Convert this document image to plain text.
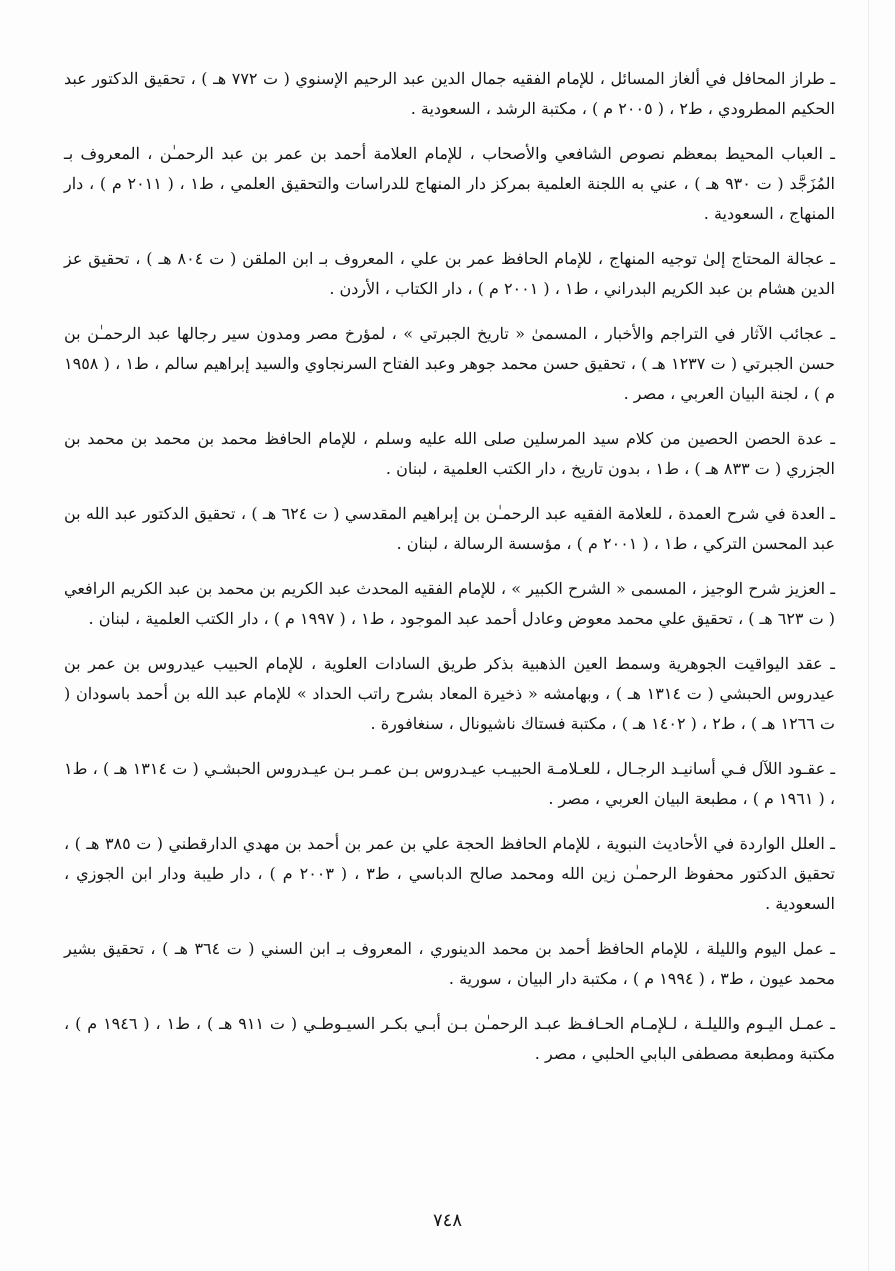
ـ طراز المحافل في ألغاز المسائل ، للإمام الفقيه جمال الدين عبد الرحيم الإسنوي ( ت ٧٧٢ هـ ) ، تحقيق الدكتور عبد الحكيم المطرودي ، ط٢ ، ( ٢٠٠٥ م ) ، مكتبة الرشد ، السعودية .
ـ العباب المحيط بمعظم نصوص الشافعي والأصحاب ، للإمام العلامة أحمد بن عمر بن عبد الرحمـٰن ، المعروف بـ المُزَجَّد ( ت ٩٣٠ هـ ) ، عني به اللجنة العلمية بمركز دار المنهاج للدراسات والتحقيق العلمي ، ط١ ، ( ٢٠١١ م ) ، دار المنهاج ، السعودية .
ـ عجالة المحتاج إلىٰ توجيه المنهاج ، للإمام الحافظ عمر بن علي ، المعروف بـ ابن الملقن ( ت ٨٠٤ هـ ) ، تحقيق عز الدين هشام بن عبد الكريم البدراني ، ط١ ، ( ٢٠٠١ م ) ، دار الكتاب ، الأردن .
ـ عجائب الآثار في التراجم والأخبار ، المسمىٰ « تاريخ الجبرتي » ، لمؤرخ مصر ومدون سير رجالها عبد الرحمـٰن بن حسن الجبرتي ( ت ١٢٣٧ هـ ) ، تحقيق حسن محمد جوهر وعبد الفتاح السرنجاوي والسيد إبراهيم سالم ، ط١ ، ( ١٩٥٨ م ) ، لجنة البيان العربي ، مصر .
ـ عدة الحصن الحصين من كلام سيد المرسلين صلى الله عليه وسلم ، للإمام الحافظ محمد بن محمد بن محمد بن الجزري ( ت ٨٣٣ هـ ) ، ط١ ، بدون تاريخ ، دار الكتب العلمية ، لبنان .
ـ العدة في شرح العمدة ، للعلامة الفقيه عبد الرحمـٰن بن إبراهيم المقدسي ( ت ٦٢٤ هـ ) ، تحقيق الدكتور عبد الله بن عبد المحسن التركي ، ط١ ، ( ٢٠٠١ م ) ، مؤسسة الرسالة ، لبنان .
ـ العزيز شرح الوجيز ، المسمى « الشرح الكبير » ، للإمام الفقيه المحدث عبد الكريم بن محمد بن عبد الكريم الرافعي ( ت ٦٢٣ هـ ) ، تحقيق علي محمد معوض وعادل أحمد عبد الموجود ، ط١ ، ( ١٩٩٧ م ) ، دار الكتب العلمية ، لبنان .
ـ عقد اليواقيت الجوهرية وسمط العين الذهبية بذكر طريق السادات العلوية ، للإمام الحبيب عيدروس بن عمر بن عيدروس الحبشي ( ت ١٣١٤ هـ ) ، وبهامشه « ذخيرة المعاد بشرح راتب الحداد » للإمام عبد الله بن أحمد باسودان ( ت ١٢٦٦ هـ ) ، ط٢ ، ( ١٤٠٢ هـ ) ، مكتبة فستاك ناشيونال ، سنغافورة .
ـ عقـود اللآل فـي أسانيـد الرجـال ، للعـلامـة الحبيـب عيـدروس بـن عمـر بـن عيـدروس الحبشـي ( ت ١٣١٤ هـ ) ، ط١ ، ( ١٩٦١ م ) ، مطبعة البيان العربي ، مصر .
ـ العلل الواردة في الأحاديث النبوية ، للإمام الحافظ الحجة علي بن عمر بن أحمد بن مهدي الدارقطني ( ت ٣٨٥ هـ ) ، تحقيق الدكتور محفوظ الرحمـٰن زين الله ومحمد صالح الدباسي ، ط٣ ، ( ٢٠٠٣ م ) ، دار طيبة ودار ابن الجوزي ، السعودية .
ـ عمل اليوم والليلة ، للإمام الحافظ أحمد بن محمد الدينوري ، المعروف بـ ابن السني ( ت ٣٦٤ هـ ) ، تحقيق بشير محمد عيون ، ط٣ ، ( ١٩٩٤ م ) ، مكتبة دار البيان ، سورية .
ـ عمـل اليـوم والليلـة ، لـلإمـام الحـافـظ عبـد الرحمـٰن بـن أبـي بكـر السيـوطـي ( ت ٩١١ هـ ) ، ط١ ، ( ١٩٤٦ م ) ، مكتبة ومطبعة مصطفى البابي الحلبي ، مصر .
٧٤٨
